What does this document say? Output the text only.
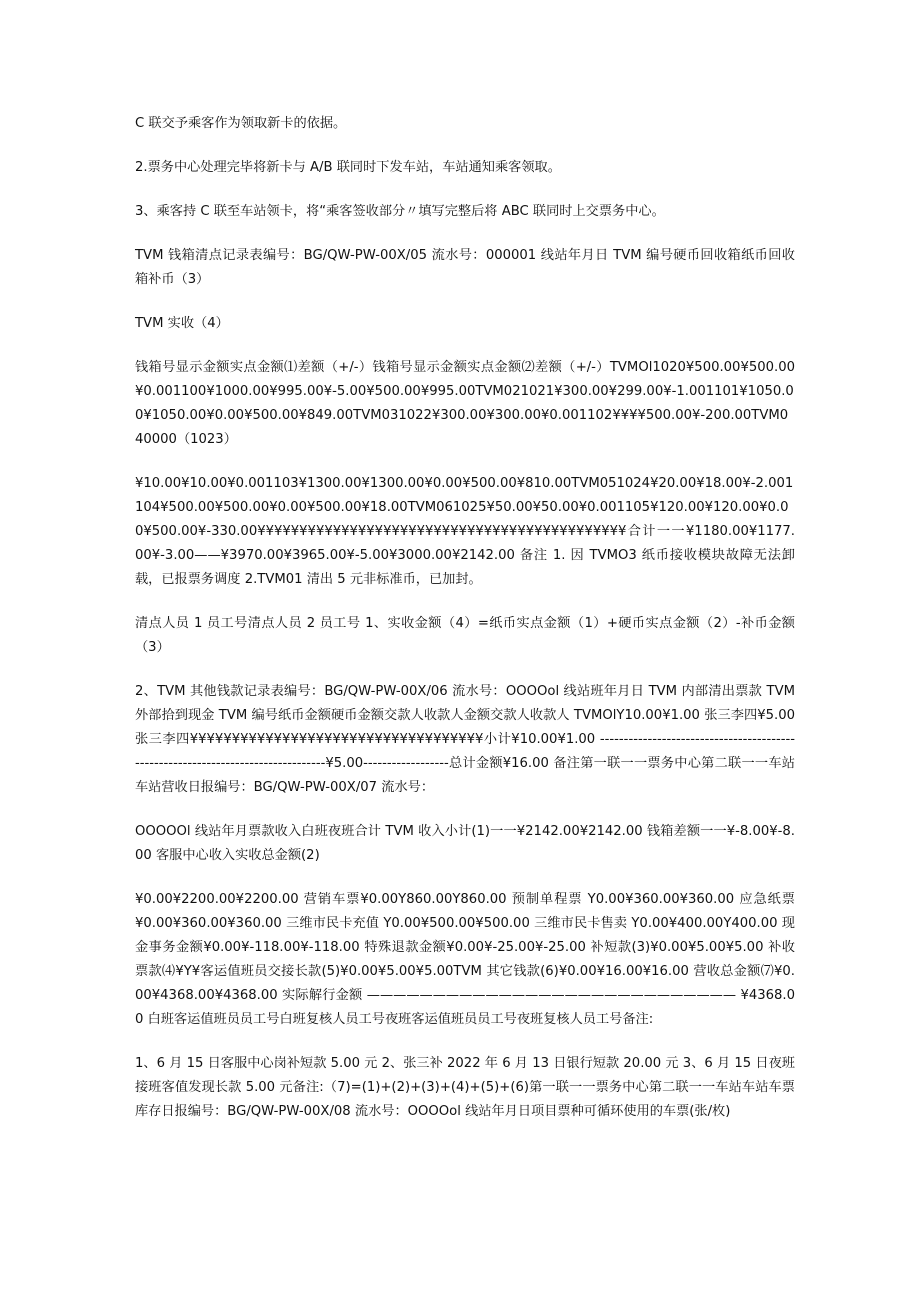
C 联交予乘客作为领取新卡的依据。

2.票务中心处理完毕将新卡与 A/B 联同时下发车站，车站通知乘客领取。

3、乘客持 C 联至车站领卡，将“乘客签收部分〃填写完整后将 ABC 联同时上交票务中心。

TVM 钱箱清点记录表编号：BG/QW-PW-00X/05 流水号：000001 线站年月日 TVM 编号硬币回收箱纸币回收箱补币（3）

TVM 实收（4）

钱箱号显示金额实点金额⑴差额（+/-）钱箱号显示金额实点金额⑵差额（+/-）TVMOl1020¥500.00¥500.00¥0.001100¥1000.00¥995.00¥-5.00¥500.00¥995.00TVM021021¥300.00¥299.00¥-1.001101¥1050.00¥1050.00¥0.00¥500.00¥849.00TVM031022¥300.00¥300.00¥0.001102¥¥¥¥500.00¥-200.00TVM040000（1023）

¥10.00¥10.00¥0.001103¥1300.00¥1300.00¥0.00¥500.00¥810.00TVM051024¥20.00¥18.00¥-2.001104¥500.00¥500.00¥0.00¥500.00¥18.00TVM061025¥50.00¥50.00¥0.001105¥120.00¥120.00¥0.00¥500.00¥-330.00¥¥¥¥¥¥¥¥¥¥¥¥¥¥¥¥¥¥¥¥¥¥¥¥¥¥¥¥¥¥¥¥¥¥¥¥¥¥¥¥¥¥¥¥合计一一¥1180.00¥1177.00¥-3.00——¥3970.00¥3965.00¥-5.00¥3000.00¥2142.00 备注 1. 因 TVMO3 纸币接收模块故障无法卸载，已报票务调度 2.TVM01 清出 5 元非标准币，已加封。

清点人员 1 员工号清点人员 2 员工号 1、实收金额（4）=纸币实点金额（1）+硬币实点金额（2）-补币金额（3）

2、TVM 其他钱款记录表编号：BG/QW-PW-00X/06 流水号：OOOOol 线站班年月日 TVM 内部清出票款 TVM 外部拾到现金 TVM 编号纸币金额硬币金额交款人收款人金额交款人收款人 TVMOlY10.00¥1.00 张三李四¥5.00 张三李四¥¥¥¥¥¥¥¥¥¥¥¥¥¥¥¥¥¥¥¥¥¥¥¥¥¥¥¥¥¥¥¥¥¥¥小计¥10.00¥1.00 ---------------------------------------------------------------------------------¥5.00------------------总计金额¥16.00 备注第一联一一票务中心第二联一一车站车站营收日报编号：BG/QW-PW-00X/07 流水号：

OOOOOl 线站年月票款收入白班夜班合计 TVM 收入小计(1)一一¥2142.00¥2142.00 钱箱差额一一¥-8.00¥-8.00 客服中心收入实收总金额(2)

¥0.00¥2200.00¥2200.00 营销车票¥0.00Y860.00Y860.00 预制单程票 Y0.00¥360.00¥360.00 应急纸票¥0.00¥360.00¥360.00 三维市民卡充值 Y0.00¥500.00¥500.00 三维市民卡售卖 Y0.00¥400.00Y400.00 现金事务金额¥0.00¥-118.00¥-118.00 特殊退款金额¥0.00¥-25.00¥-25.00 补短款(3)¥0.00¥5.00¥5.00 补收票款⑷¥Y¥客运值班员交接长款(5)¥0.00¥5.00¥5.00TVM 其它钱款(6)¥0.00¥16.00¥16.00 营收总金额⑺¥0.00¥4368.00¥4368.00 实际解行金额 ———————————————————————————— ¥4368.00 白班客运值班员员工号白班复核人员工号夜班客运值班员员工号夜班复核人员工号备注:

1、6 月 15 日客服中心岗补短款 5.00 元 2、张三补 2022 年 6 月 13 日银行短款 20.00 元 3、6 月 15 日夜班接班客值发现长款 5.00 元备注:（7)=(1)+(2)+(3)+(4)+(5)+(6)第一联一一票务中心第二联一一车站车站车票库存日报编号：BG/QW-PW-00X/08 流水号：OOOOol 线站年月日项目票种可循环使用的车票(张/枚)
